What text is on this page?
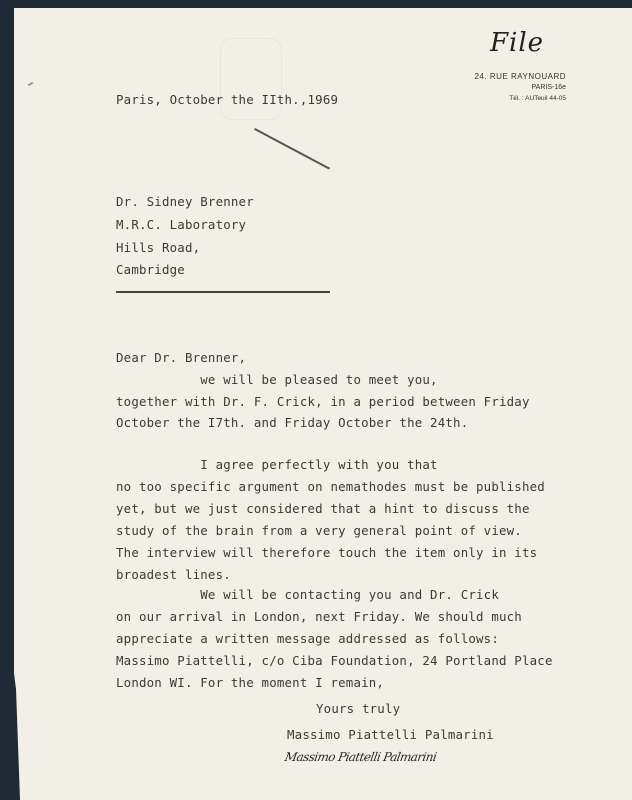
File
24. RUE RAYNOUARD
PARIS-16e
Tél. : AUTeuil 44-05
Paris, October the IIth.,1969
Dr. Sidney Brenner
M.R.C. Laboratory
Hills Road,
Cambridge
Dear Dr. Brenner,
we will be pleased to meet you,
together with Dr. F. Crick, in a period between Friday
October the I7th. and Friday October the 24th.
I agree perfectly with you that
no too specific argument on nemathodes must be published
yet, but we just considered that a hint to discuss the
study of the brain from a very general point of view.
The interview will therefore touch the item only in its
broadest lines.
We will be contacting you and Dr. Crick
on our arrival in London, next Friday. We should much
appreciate a written message addressed as follows:
Massimo Piattelli, c/o Ciba Foundation, 24 Portland Place
London WI. For the moment I remain,
Yours truly
Massimo Piattelli Palmarini
Massimo Piattelli Palmarini
